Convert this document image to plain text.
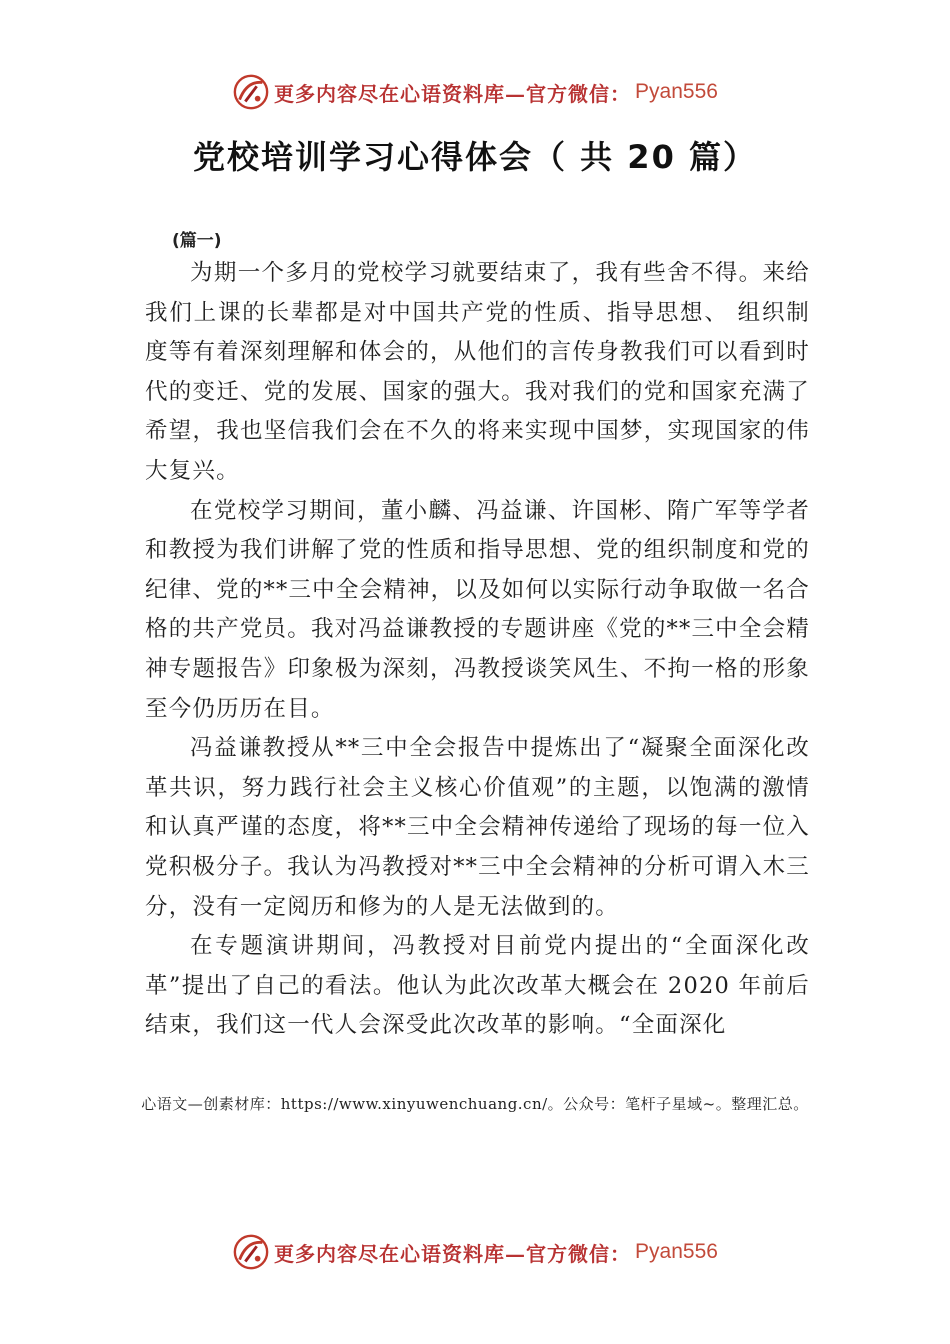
更多内容尽在心语资料库—官方微信： Pyan556
党校培训学习心得体会（ 共 20 篇）
(篇一)

为期一个多月的党校学习就要结束了，我有些舍不得。来给我们上课的长辈都是对中国共产党的性质、指导思想、 组织制度等有着深刻理解和体会的，从他们的言传身教我们可以看到时代的变迁、党的发展、国家的强大。我对我们的党和国家充满了希望，我也坚信我们会在不久的将来实现中国梦，实现国家的伟大复兴。

在党校学习期间，董小麟、冯益谦、许国彬、隋广军等学者和教授为我们讲解了党的性质和指导思想、党的组织制度和党的纪律、党的**三中全会精神，以及如何以实际行动争取做一名合格的共产党员。我对冯益谦教授的专题讲座《党的**三中全会精神专题报告》印象极为深刻，冯教授谈笑风生、不拘一格的形象至今仍历历在目。

冯益谦教授从**三中全会报告中提炼出了“凝聚全面深化改革共识，努力践行社会主义核心价值观”的主题，以饱满的激情和认真严谨的态度，将**三中全会精神传递给了现场的每一位入党积极分子。我认为冯教授对**三中全会精神的分析可谓入木三分，没有一定阅历和修为的人是无法做到的。

在专题演讲期间，冯教授对目前党内提出的“全面深化改革”提出了自己的看法。他认为此次改革大概会在 2020 年前后结束，我们这一代人会深受此次改革的影响。“全面深化

心语文—创素材库：https://www.xinyuwenchuang.cn/。公众号：笔杆子星域~。整理汇总。
更多内容尽在心语资料库—官方微信： Pyan556
